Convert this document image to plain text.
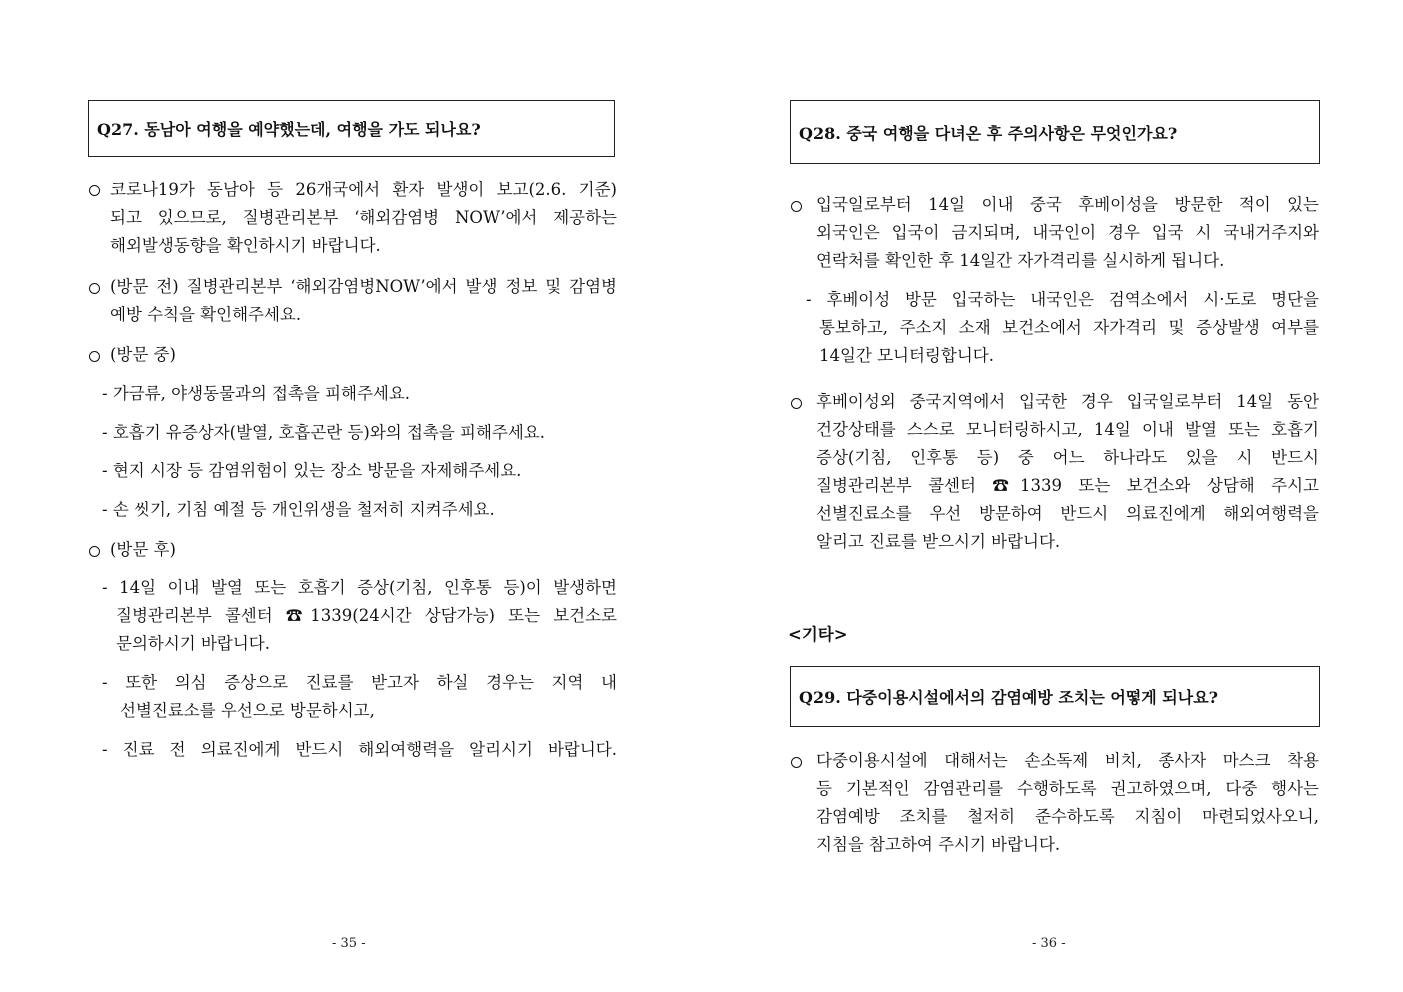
Q27. 동남아 여행을 예약했는데, 여행을 가도 되나요?
코로나19가 동남아 등 26개국에서 환자 발생이 보고(2.6. 기준)
되고 있으므로, 질병관리본부 ‘해외감염병 NOW’에서 제공하는
해외발생동향을 확인하시기 바랍니다.
(방문 전) 질병관리본부 ‘해외감염병NOW’에서 발생 정보 및 감염병
예방 수칙을 확인해주세요.
(방문 중)
- 가금류, 야생동물과의 접촉을 피해주세요.
- 호흡기 유증상자(발열, 호흡곤란 등)와의 접촉을 피해주세요.
- 현지 시장 등 감염위험이 있는 장소 방문을 자제해주세요.
- 손 씻기, 기침 예절 등 개인위생을 철저히 지켜주세요.
(방문 후)
- 14일 이내 발열 또는 호흡기 증상(기침, 인후통 등)이 발생하면
질병관리본부 콜센터 ☎1339(24시간 상담가능) 또는 보건소로
문의하시기 바랍니다.
- 또한 의심 증상으로 진료를 받고자 하실 경우는 지역 내
선별진료소를 우선으로 방문하시고,
- 진료 전 의료진에게 반드시 해외여행력을 알리시기 바랍니다.
- 35 -
Q28. 중국 여행을 다녀온 후 주의사항은 무엇인가요?
입국일로부터 14일 이내 중국 후베이성을 방문한 적이 있는
외국인은 입국이 금지되며, 내국인이 경우 입국 시 국내거주지와
연락처를 확인한 후 14일간 자가격리를 실시하게 됩니다.
- 후베이성 방문 입국하는 내국인은 검역소에서 시·도로 명단을
통보하고, 주소지 소재 보건소에서 자가격리 및 증상발생 여부를
14일간 모니터링합니다.
후베이성외 중국지역에서 입국한 경우 입국일로부터 14일 동안
건강상태를 스스로 모니터링하시고, 14일 이내 발열 또는 호흡기
증상(기침, 인후통 등) 중 어느 하나라도 있을 시 반드시
질병관리본부 콜센터 ☎1339 또는 보건소와 상담해 주시고
선별진료소를 우선 방문하여 반드시 의료진에게 해외여행력을
알리고 진료를 받으시기 바랍니다.
<기타>
Q29. 다중이용시설에서의 감염예방 조치는 어떻게 되나요?
다중이용시설에 대해서는 손소독제 비치, 종사자 마스크 착용
등 기본적인 감염관리를 수행하도록 권고하였으며, 다중 행사는
감염예방 조치를 철저히 준수하도록 지침이 마련되었사오니,
지침을 참고하여 주시기 바랍니다.
- 36 -
